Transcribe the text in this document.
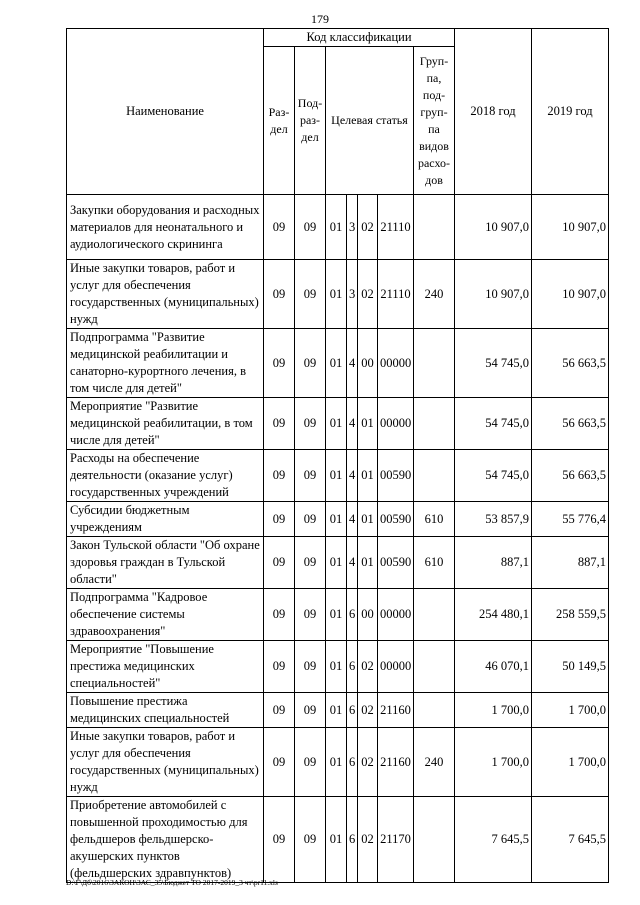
179
Наименование	Код классификации							2018 год	2019 год
	Раз-дел	Под-раз-дел	Целевая статья				Груп-па, под-груп-па видов расхо-дов		
Закупки оборудования и расходных материалов для неонатального и аудиологического скрининга	09	09	01	3	02	21110		10 907,0	10 907,0
Иные закупки товаров, работ и услуг для обеспечения государственных (муниципальных) нужд	09	09	01	3	02	21110	240	10 907,0	10 907,0
Подпрограмма "Развитие медицинской реабилитации и санаторно-курортного лечения, в том числе для детей"	09	09	01	4	00	00000		54 745,0	56 663,5
Мероприятие "Развитие медицинской реабилитации, в том числе для детей"	09	09	01	4	01	00000		54 745,0	56 663,5
Расходы на обеспечение деятельности (оказание услуг) государственных учреждений	09	09	01	4	01	00590		54 745,0	56 663,5
Субсидии бюджетным учреждениям	09	09	01	4	01	00590	610	53 857,9	55 776,4
Закон Тульской области "Об охране здоровья граждан в Тульской области"	09	09	01	4	01	00590	610	887,1	887,1
Подпрограмма "Кадровое обеспечение системы здравоохранения"	09	09	01	6	00	00000		254 480,1	258 559,5
Мероприятие "Повышение престижа медицинских специальностей"	09	09	01	6	02	00000		46 070,1	50 149,5
Повышение престижа медицинских специальностей	09	09	01	6	02	21160		1 700,0	1 700,0
Иные закупки товаров, работ и услуг для обеспечения государственных (муниципальных) нужд	09	09	01	6	02	21160	240	1 700,0	1 700,0
Приобретение автомобилей с повышенной проходимостью для фельдшеров фельдшерско-акушерских пунктов (фельдшерских здравпунктов)	09	09	01	6	02	21170		7 645,5	7 645,5
D:\Г\Дб\2016\ЗАКОН\ЗАС_35\Бюджет ТО 2017-2019_3 чт\pr11.xls
